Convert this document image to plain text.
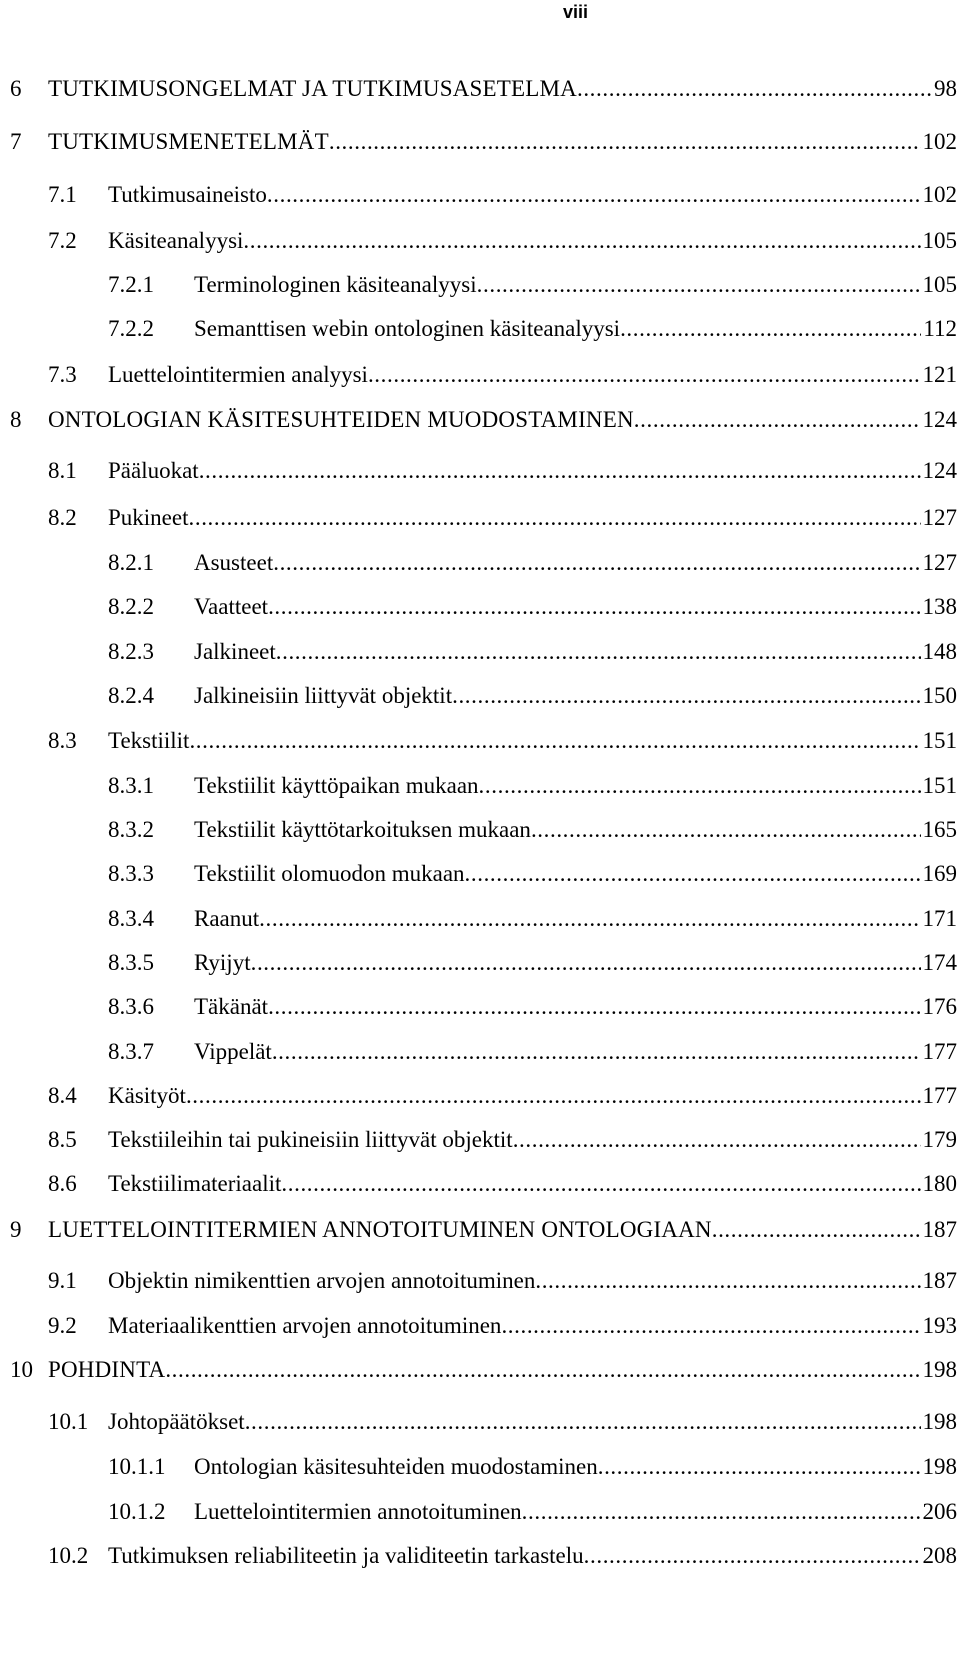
viii
6	TUTKIMUSONGELMAT JA TUTKIMUSASETELMA .....	98
7	TUTKIMUSMENETELMÄT .....	102
7.1	Tutkimusaineisto .....	102
7.2	Käsiteanalyysi .....	105
7.2.1	Terminologinen käsiteanalyysi .....	105
7.2.2	Semanttisen webin ontologinen käsiteanalyysi .....	112
7.3	Luettelointitermien analyysi .....	121
8	ONTOLOGIAN KÄSITESUHTEIDEN MUODOSTAMINEN .....	124
8.1	Pääluokat .....	124
8.2	Pukineet .....	127
8.2.1	Asusteet .....	127
8.2.2	Vaatteet .....	138
8.2.3	Jalkineet .....	148
8.2.4	Jalkineisiin liittyvät objektit .....	150
8.3	Tekstiilit .....	151
8.3.1	Tekstiilit käyttöpaikan mukaan .....	151
8.3.2	Tekstiilit käyttötarkoituksen mukaan .....	165
8.3.3	Tekstiilit olomuodon mukaan .....	169
8.3.4	Raanut .....	171
8.3.5	Ryijyt .....	174
8.3.6	Täkänät .....	176
8.3.7	Vippelät .....	177
8.4	Käsityöt .....	177
8.5	Tekstiileihin tai pukineisiin liittyvät objektit .....	179
8.6	Tekstiilimateriaalit .....	180
9	LUETTELOINTITERMIEN ANNOTOITUMINEN ONTOLOGIAAN .....	187
9.1	Objektin nimikenttien arvojen annotoituminen .....	187
9.2	Materiaalikenttien arvojen annotoituminen .....	193
10 POHDINTA .....	198
10.1 Johtopäätökset .....	198
10.1.1	Ontologian käsitesuhteiden muodostaminen .....	198
10.1.2	Luettelointitermien annotoituminen .....	206
10.2 Tutkimuksen reliabiliteetin ja validiteetin tarkastelu .....	208
